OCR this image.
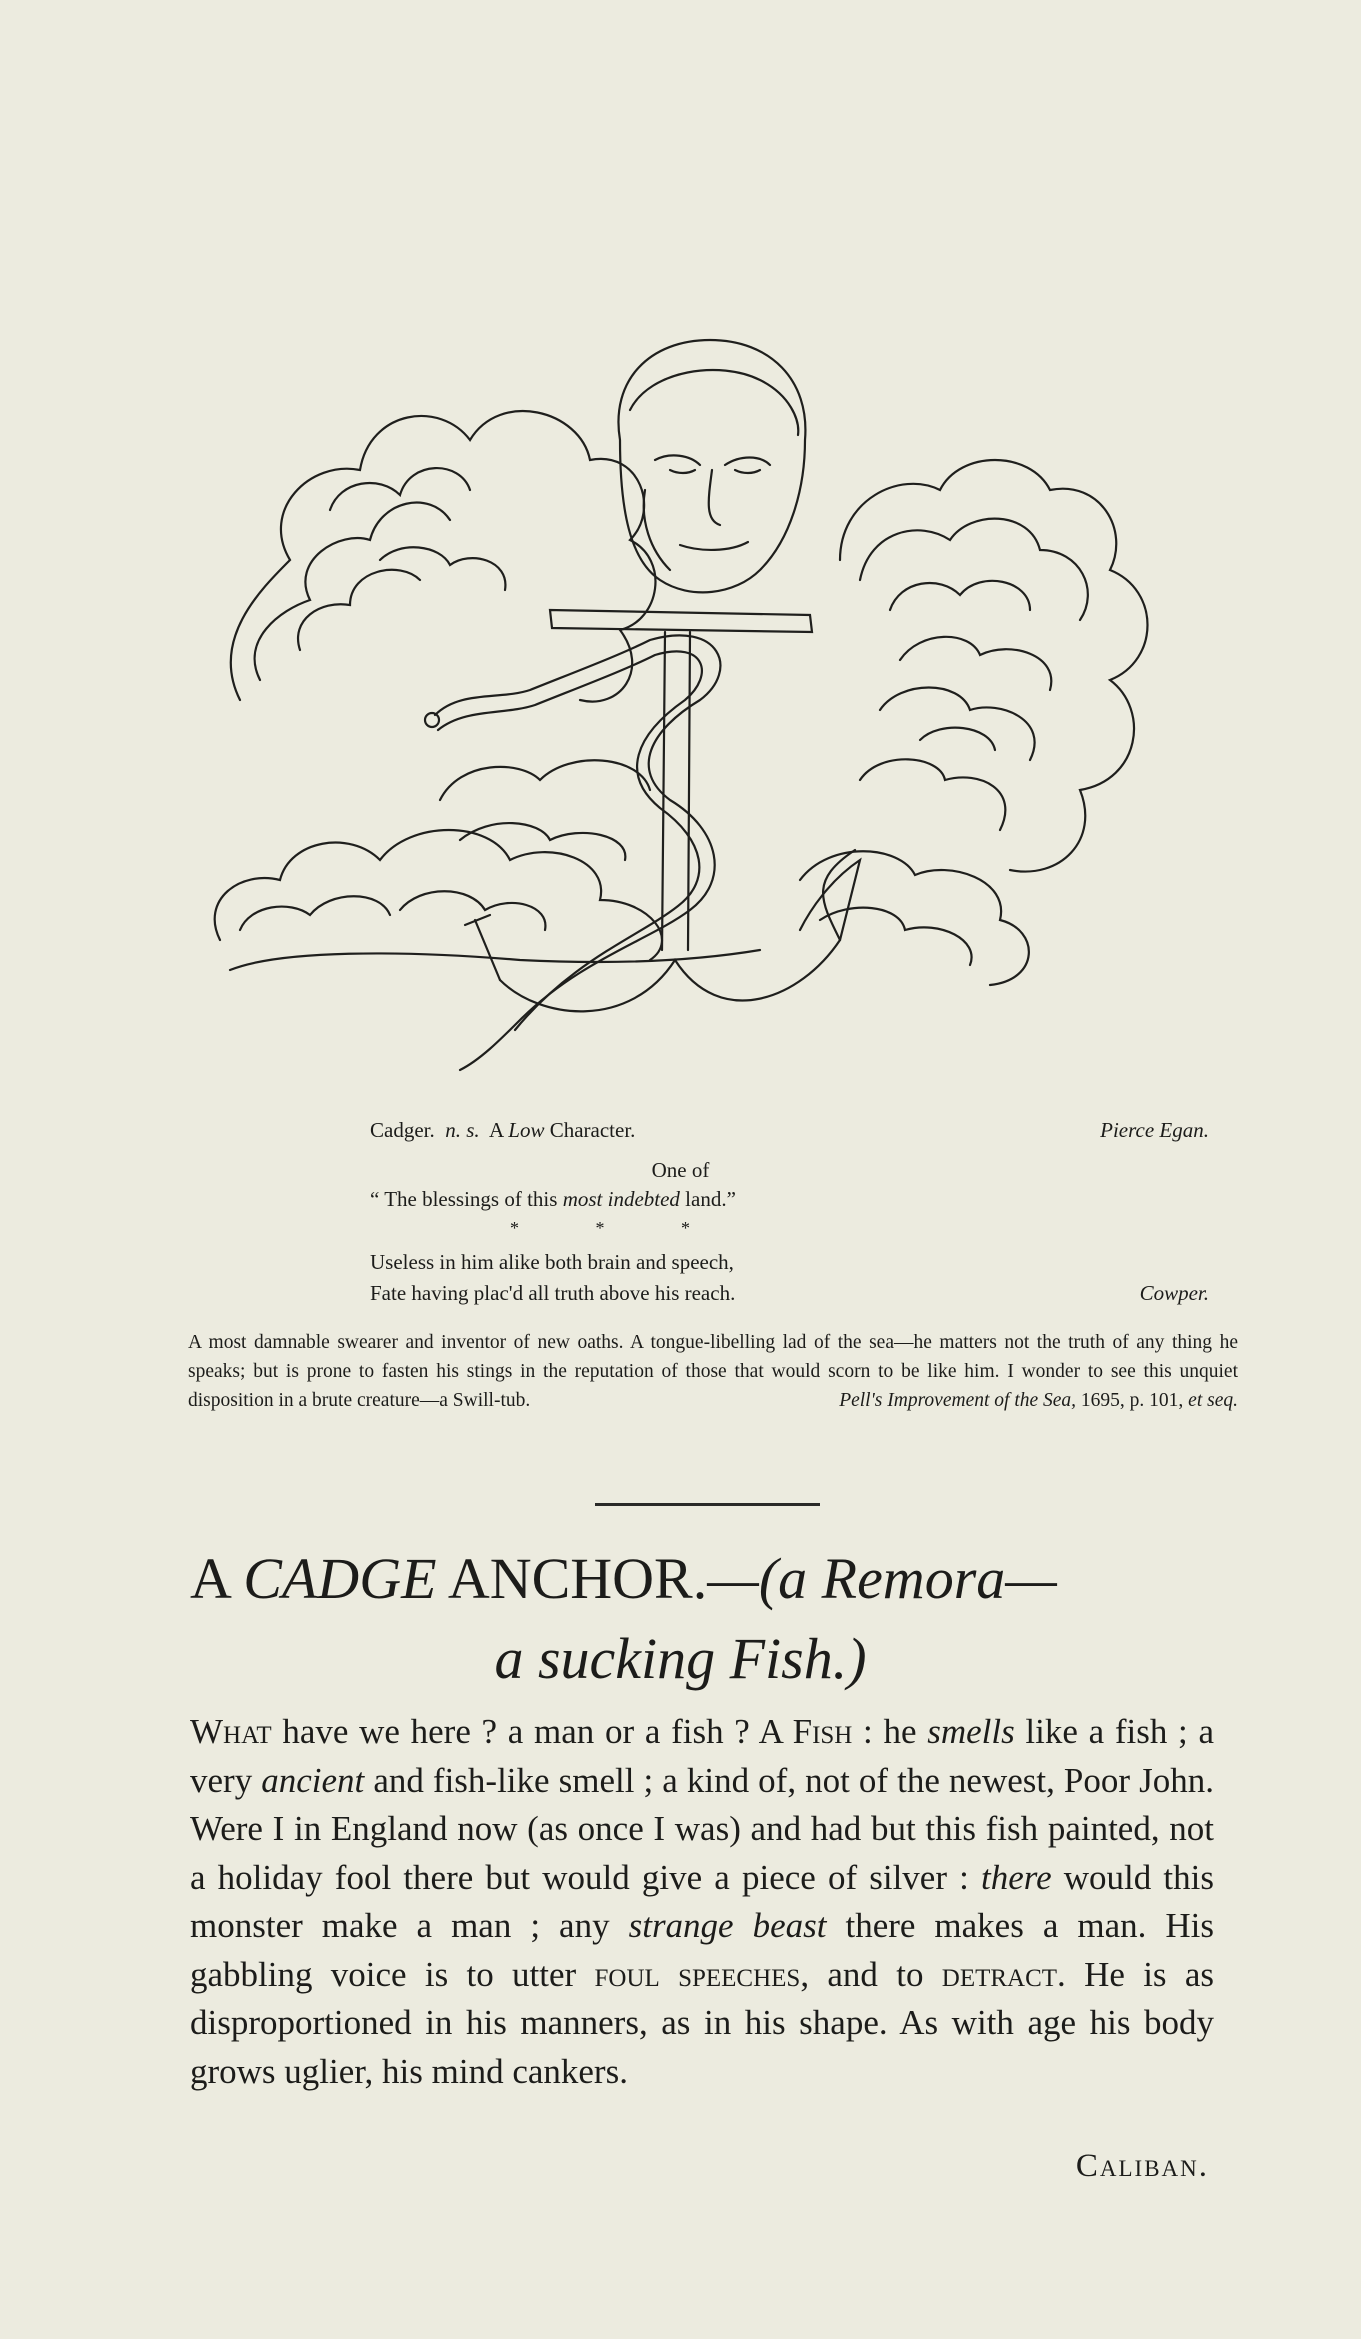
Cadger. n. s. A Low Character.	Pierce Egan.
One of
“ The blessings of this most indebted land.”
* * *
Useless in him alike both brain and speech,
Fate having plac'd all truth above his reach.	Cowper.
A most damnable swearer and inventor of new oaths. A tongue-libelling lad of the sea—he matters not the truth of any thing he speaks; but is prone to fasten his stings in the reputation of those that would scorn to be like him. I wonder to see this unquiet disposition in a brute creature—a Swill-tub.	Pell's Improvement of the Sea, 1695, p. 101, et seq.
A CADGE ANCHOR.—(a Remora—
a sucking Fish.)
What have we here ? a man or a fish ? A Fish : he smells like a fish ; a very ancient and fish-like smell ; a kind of, not of the newest, Poor John. Were I in England now (as once I was) and had but this fish painted, not a holiday fool there but would give a piece of silver : there would this monster make a man ; any strange beast there makes a man. His gabbling voice is to utter foul speeches, and to detract. He is as disproportioned in his manners, as in his shape. As with age his body grows uglier, his mind cankers.
Caliban.
